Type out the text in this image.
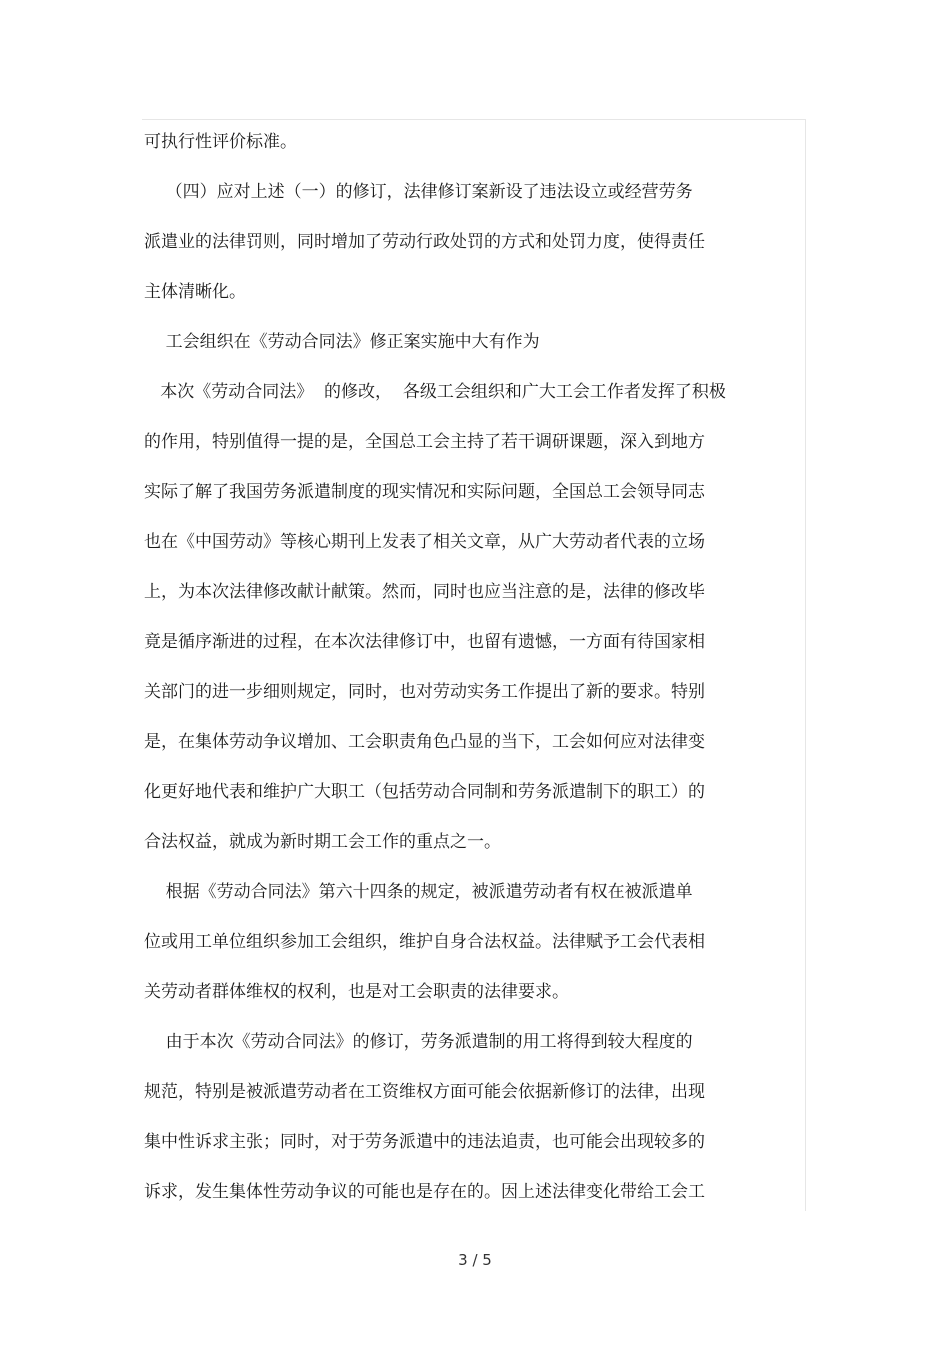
可执行性评价标准。
（四）应对上述（一）的修订，法律修订案新设了违法设立或经营劳务
派遣业的法律罚则，同时增加了劳动行政处罚的方式和处罚力度，使得责任
主体清晰化。
工会组织在《劳动合同法》修正案实施中大有作为
本次《劳动合同法》  的修改，  各级工会组织和广大工会工作者发挥了积极
的作用，特别值得一提的是，全国总工会主持了若干调研课题，深入到地方
实际了解了我国劳务派遣制度的现实情况和实际问题，全国总工会领导同志
也在《中国劳动》等核心期刊上发表了相关文章，从广大劳动者代表的立场
上，为本次法律修改献计献策。然而，同时也应当注意的是，法律的修改毕
竟是循序渐进的过程，在本次法律修订中，也留有遗憾，一方面有待国家相
关部门的进一步细则规定，同时，也对劳动实务工作提出了新的要求。特别
是，在集体劳动争议增加、工会职责角色凸显的当下，工会如何应对法律变
化更好地代表和维护广大职工（包括劳动合同制和劳务派遣制下的职工）的
合法权益，就成为新时期工会工作的重点之一。
根据《劳动合同法》第六十四条的规定，被派遣劳动者有权在被派遣单
位或用工单位组织参加工会组织，维护自身合法权益。法律赋予工会代表相
关劳动者群体维权的权利，也是对工会职责的法律要求。
由于本次《劳动合同法》的修订，劳务派遣制的用工将得到较大程度的
规范，特别是被派遣劳动者在工资维权方面可能会依据新修订的法律，出现
集中性诉求主张；同时，对于劳务派遣中的违法追责，也可能会出现较多的
诉求，发生集体性劳动争议的可能也是存在的。因上述法律变化带给工会工
3 / 5
